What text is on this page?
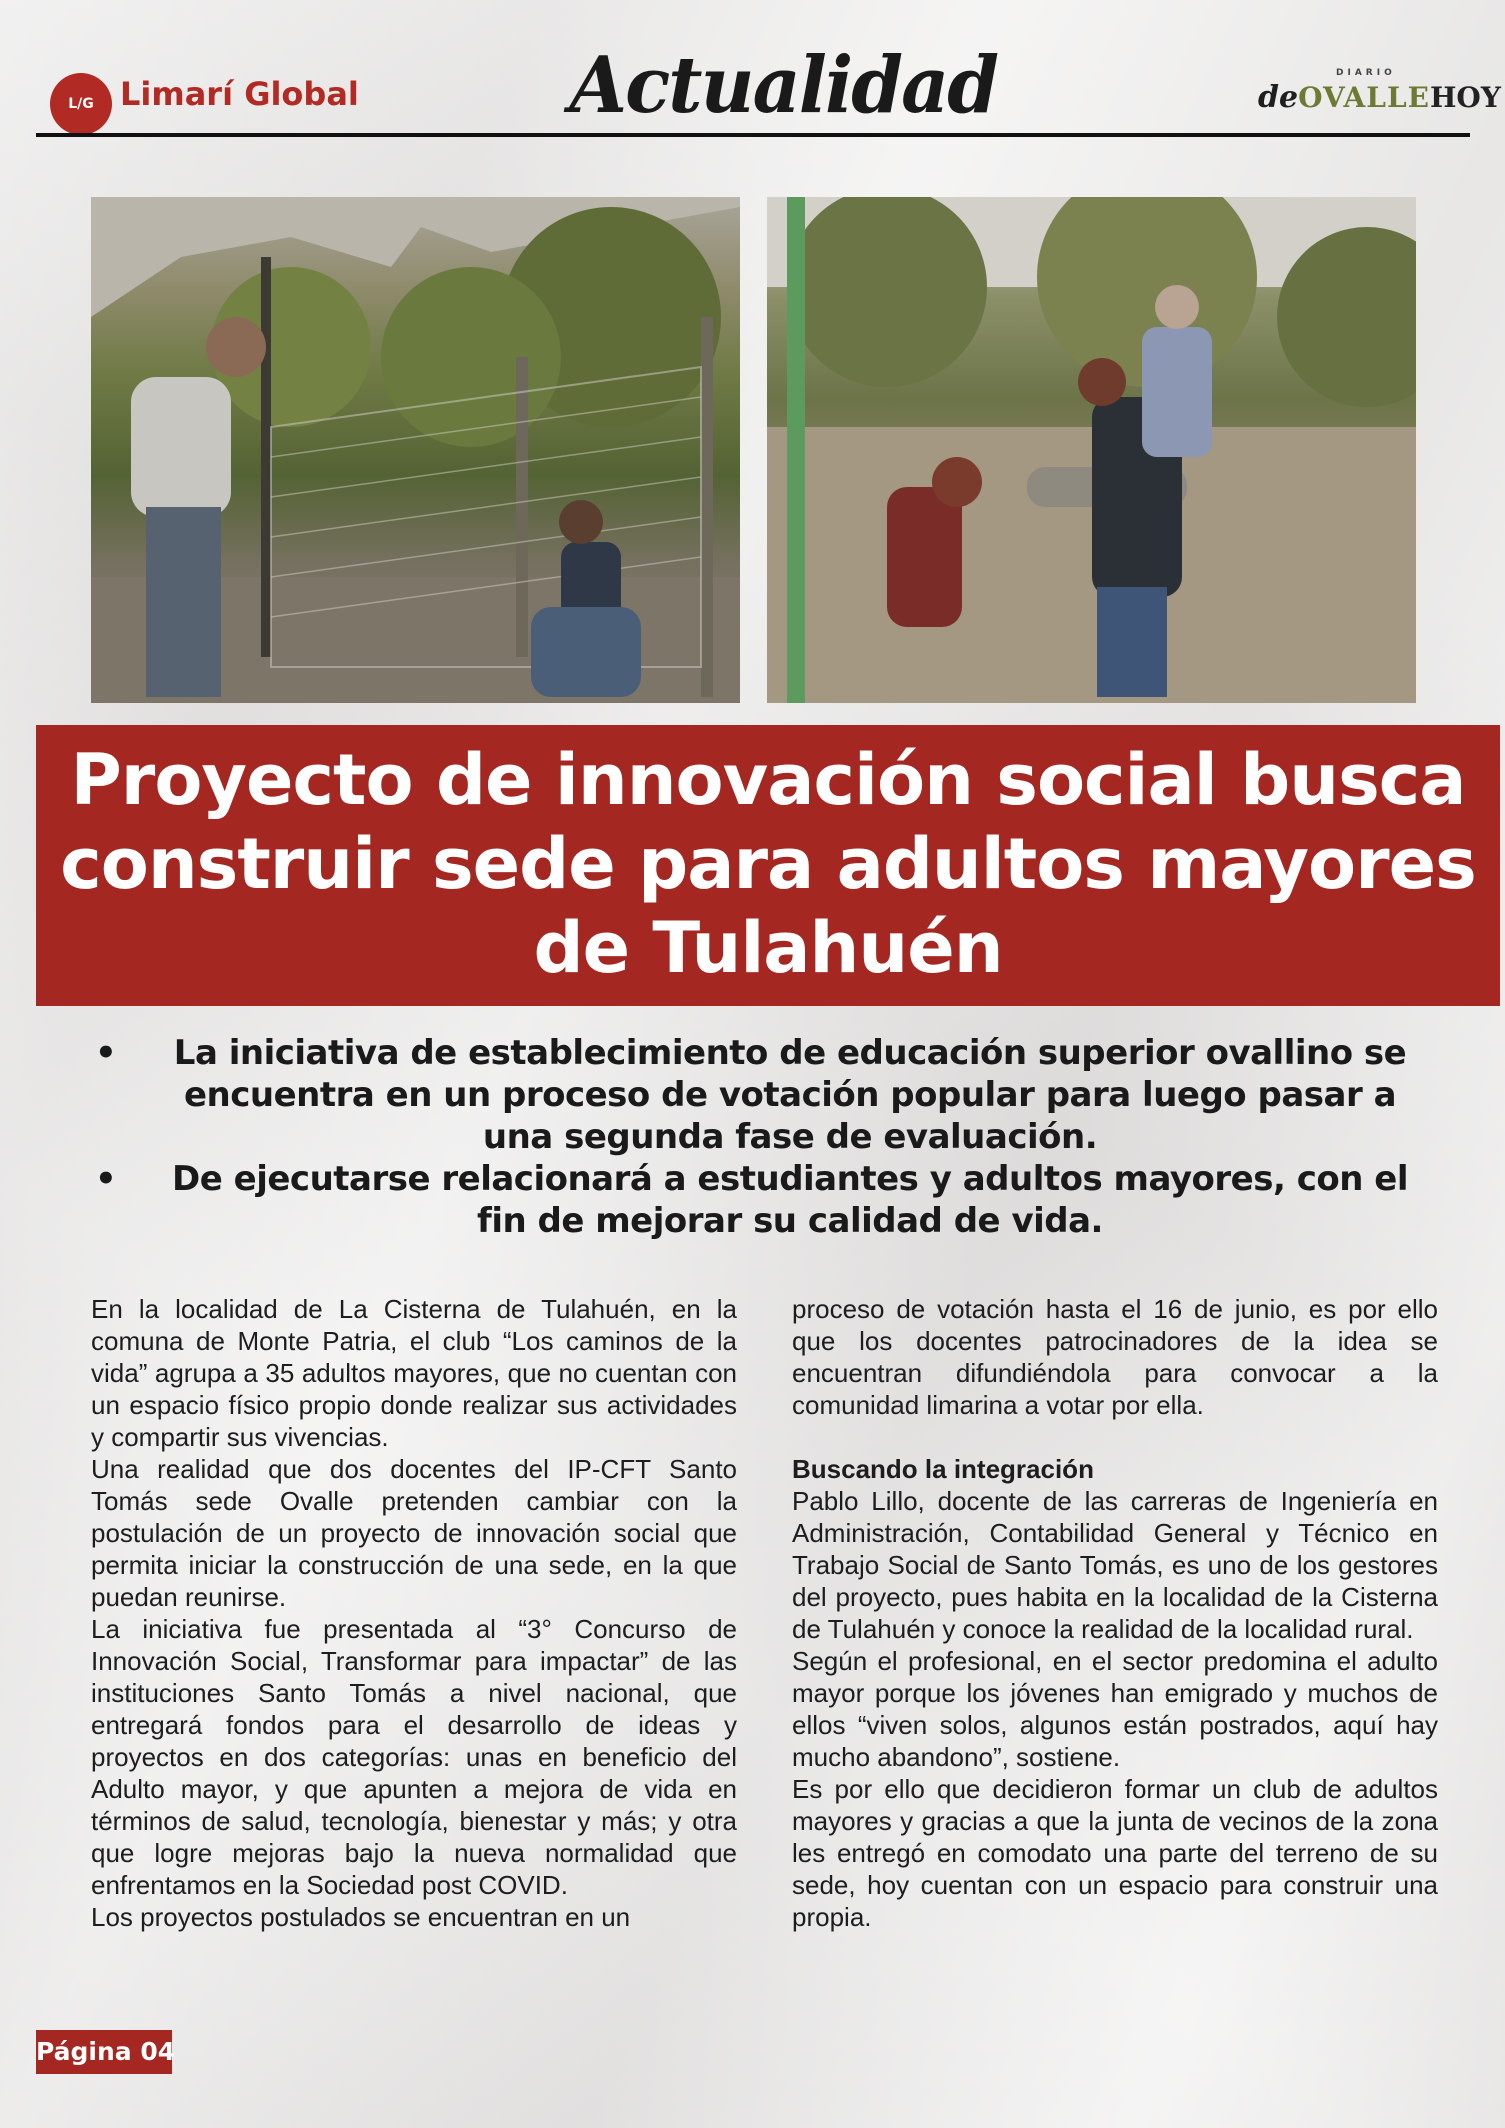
L/G Limarí Global	Actualidad	DIARIO
deOVALLEHOY
Proyecto de innovación social busca construir sede para adultos mayores de Tulahuén
• La iniciativa de establecimiento de educación superior ovallino se encuentra en un proceso de votación popular para luego pasar a una segunda fase de evaluación.
• De ejecutarse relacionará a estudiantes y adultos mayores, con el fin de mejorar su calidad de vida.

En la localidad de La Cisterna de Tulahuén, en la comuna de Monte Patria, el club “Los caminos de la vida” agrupa a 35 adultos mayores, que no cuentan con un espacio físico propio donde realizar sus actividades y compartir sus vivencias.

Una realidad que dos docentes del IP-CFT Santo Tomás sede Ovalle pretenden cambiar con la postulación de un proyecto de innovación social que permita iniciar la construcción de una sede, en la que puedan reunirse.

La iniciativa fue presentada al “3° Concurso de Innovación Social, Transformar para impactar” de las instituciones Santo Tomás a nivel nacional, que entregará fondos para el desarrollo de ideas y proyectos en dos categorías: unas en beneficio del Adulto mayor, y que apunten a mejora de vida en términos de salud, tecnología, bienestar y más; y otra que logre mejoras bajo la nueva normalidad que enfrentamos en la Sociedad post COVID.

Los proyectos postulados se encuentran en un

proceso de votación hasta el 16 de junio, es por ello que los docentes patrocinadores de la idea se encuentran difundiéndola para convocar a la comunidad limarina a votar por ella.

Buscando la integración

Pablo Lillo, docente de las carreras de Ingeniería en Administración, Contabilidad General y Técnico en Trabajo Social de Santo Tomás, es uno de los gestores del proyecto, pues habita en la localidad de la Cisterna de Tulahuén y conoce la realidad de la localidad rural.

Según el profesional, en el sector predomina el adulto mayor porque los jóvenes han emigrado y muchos de ellos “viven solos, algunos están postrados, aquí hay mucho abandono”, sostiene.

Es por ello que decidieron formar un club de adultos mayores y gracias a que la junta de vecinos de la zona les entregó en comodato una parte del terreno de su sede, hoy cuentan con un espacio para construir una propia.

Página 04
